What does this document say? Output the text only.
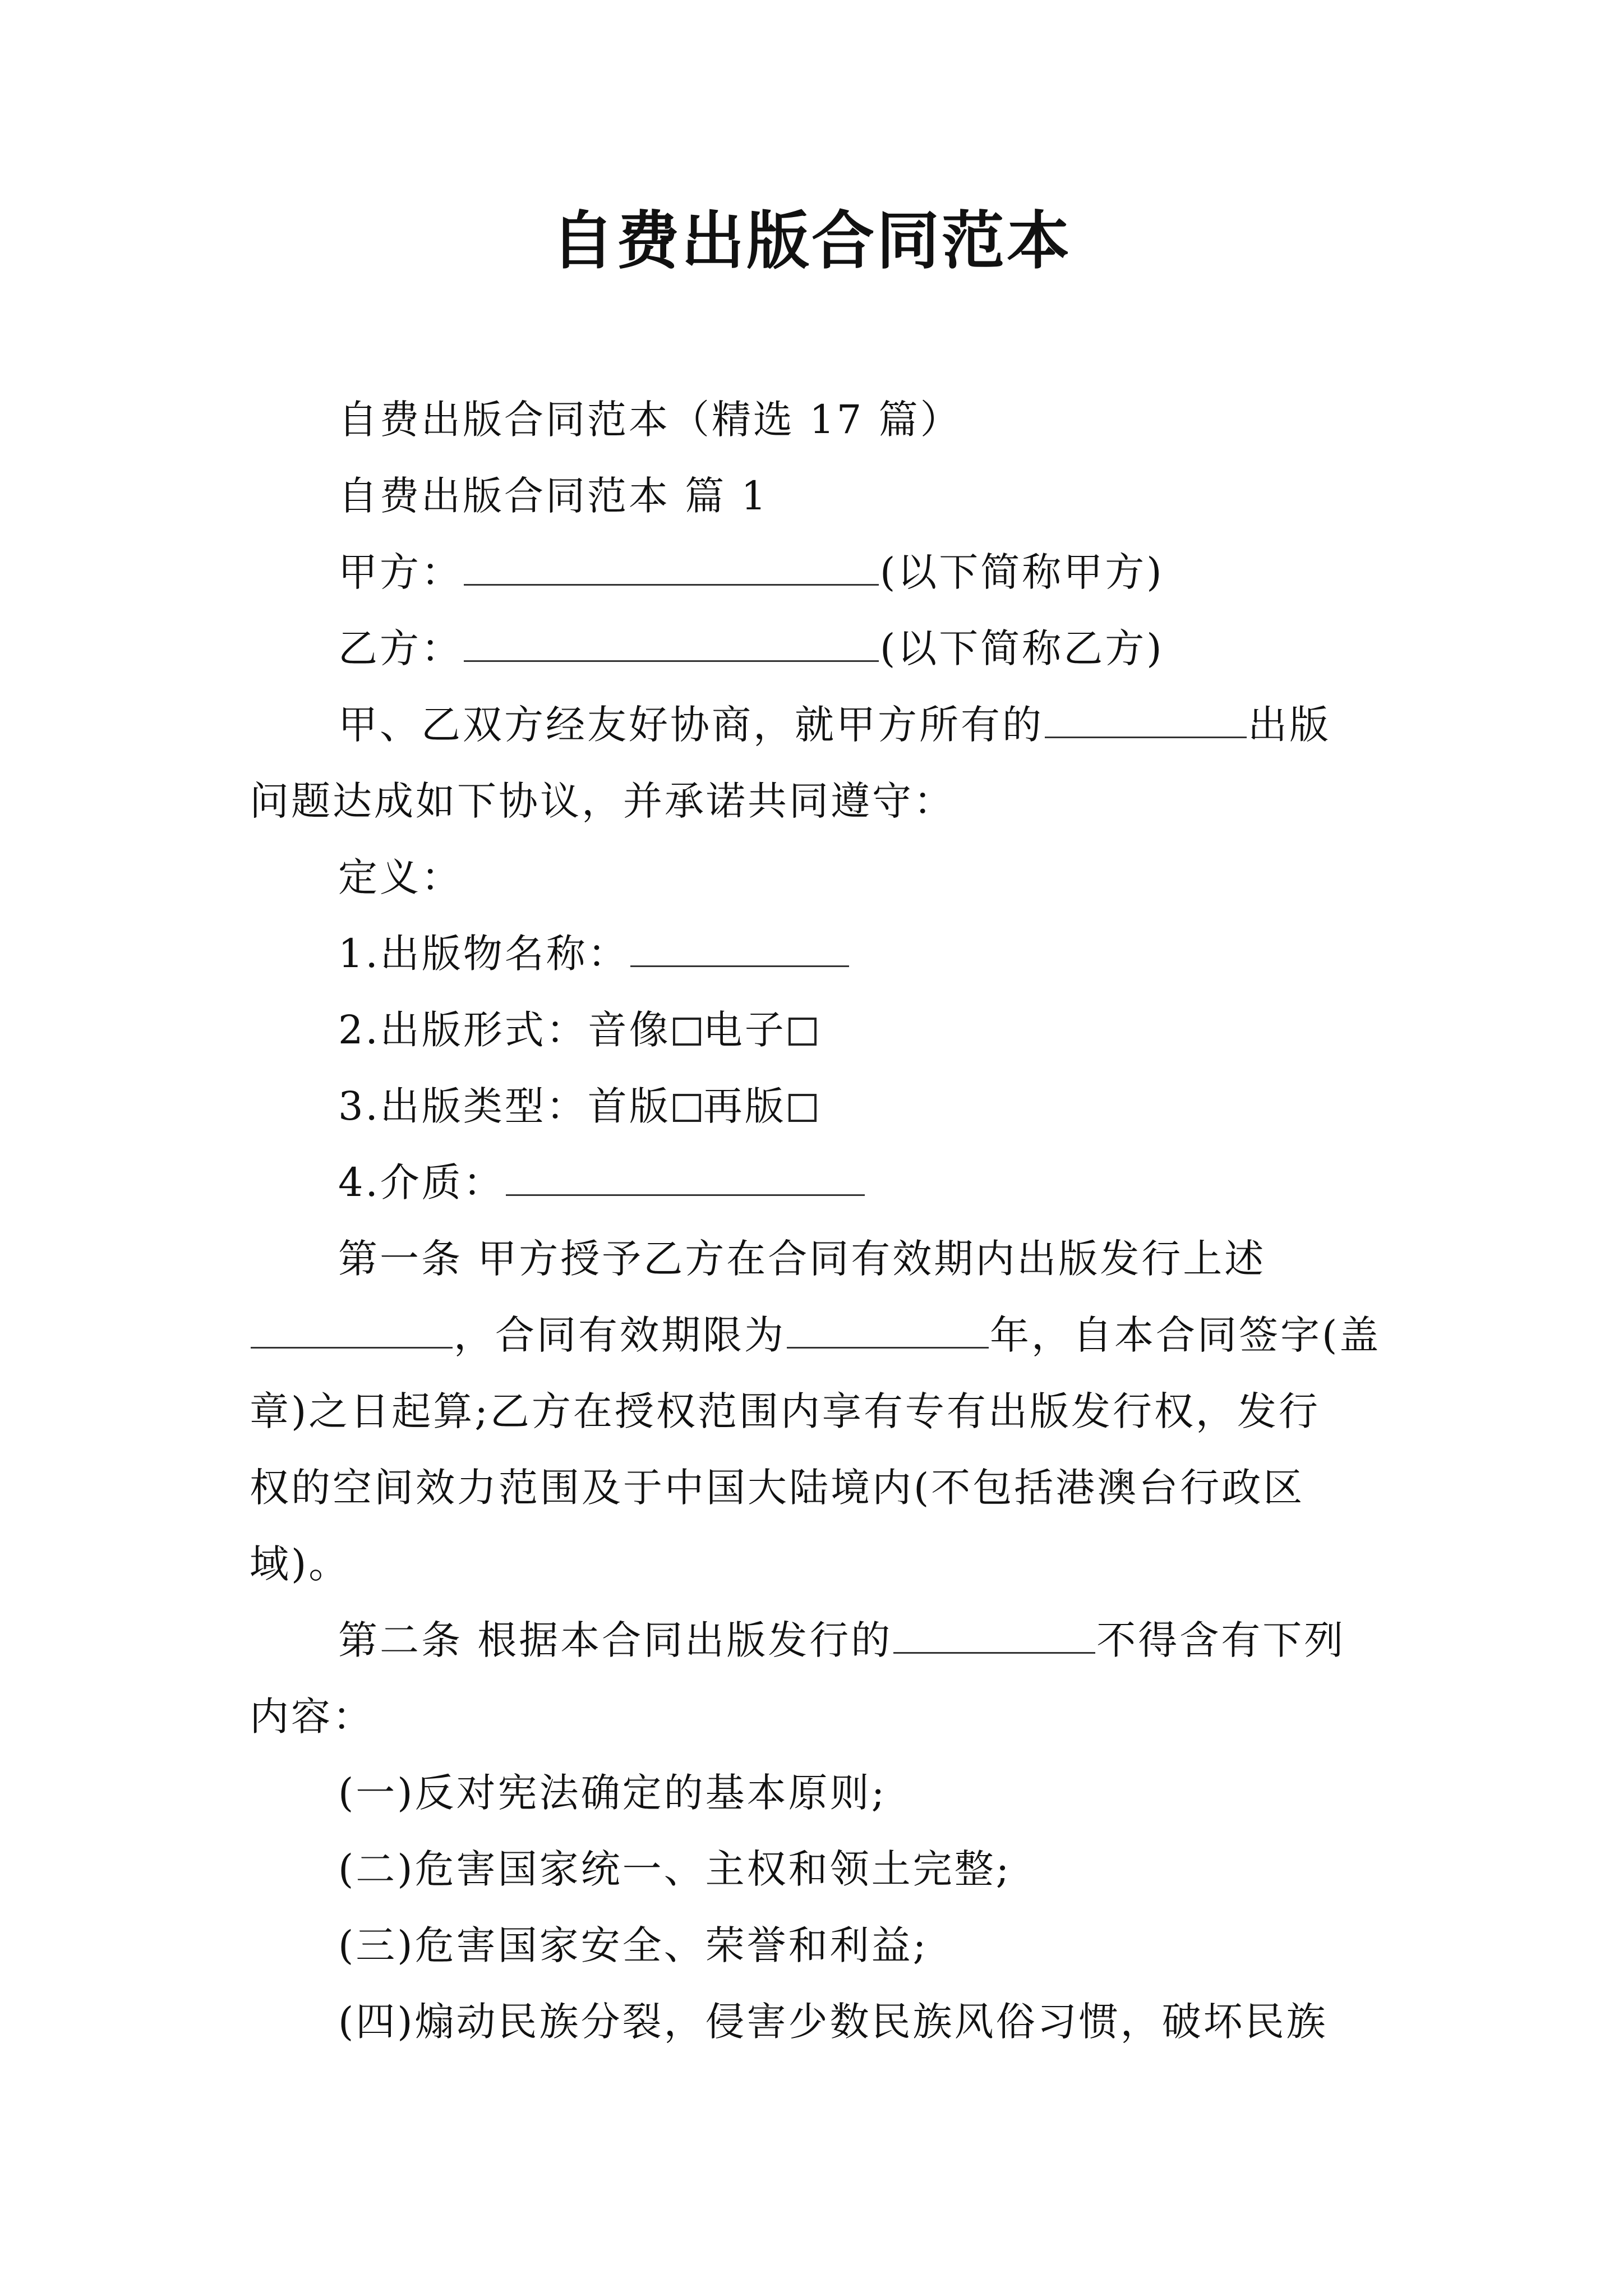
自费出版合同范本

自费出版合同范本（精选 17 篇）

自费出版合同范本 篇 1

甲方：	(以下简称甲方)

乙方：	(以下简称乙方)

甲、乙双方经友好协商，就甲方所有的	出版

问题达成如下协议，并承诺共同遵守：

定义：

1.出版物名称：

2.出版形式：音像 电子

3.出版类型：首版 再版

4.介质：

第一条 甲方授予乙方在合同有效期内出版发行上述

，合同有效期限为	年，自本合同签字(盖

章)之日起算;乙方在授权范围内享有专有出版发行权，发行

权的空间效力范围及于中国大陆境内(不包括港澳台行政区

域)。

第二条 根据本合同出版发行的	不得含有下列

内容：

(一)反对宪法确定的基本原则;

(二)危害国家统一、主权和领土完整;

(三)危害国家安全、荣誉和利益;

(四)煽动民族分裂，侵害少数民族风俗习惯，破坏民族
